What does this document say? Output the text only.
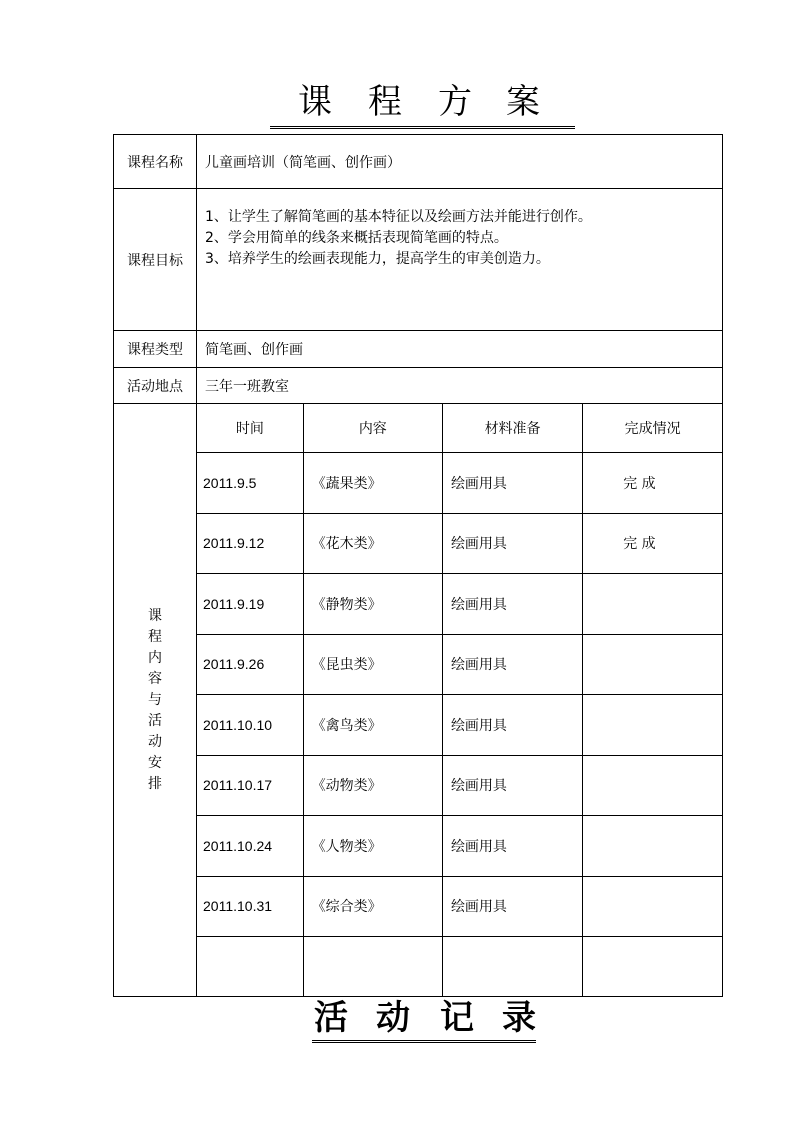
课 程 方 案
课程名称	儿童画培训（简笔画、创作画）
课程目标	
1、让学生了解简笔画的基本特征以及绘画方法并能进行创作。
2、学会用简单的线条来概括表现简笔画的特点。
3、培养学生的绘画表现能力，提高学生的审美创造力。

课程类型	简笔画、创作画
活动地点	三年一班教室

课
程
内
容
与
活
动
安
排

时间	内容	材料准备	完成情况
2011.9.5	《蔬果类》	绘画用具	完 成
2011.9.12	《花木类》	绘画用具	完 成
2011.9.19	《静物类》	绘画用具	
2011.9.26	《昆虫类》	绘画用具	
2011.10.10	《禽鸟类》	绘画用具	
2011.10.17	《动物类》	绘画用具	
2011.10.24	《人物类》	绘画用具	
2011.10.31	《综合类》	绘画用具	

活 动 记 录
